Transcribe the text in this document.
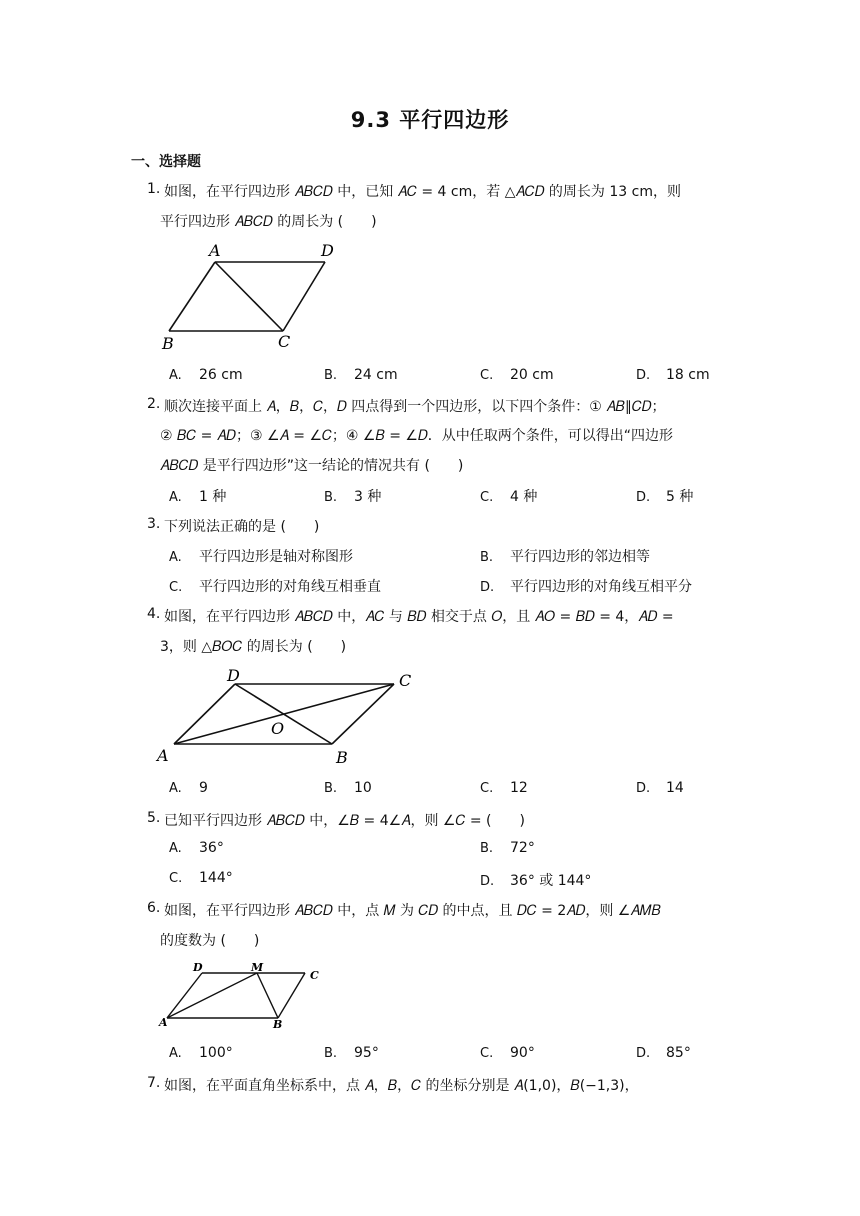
9.3 平行四边形
一、选择题
1. 如图，在平行四边形 𝐴𝐵𝐶𝐷 中，已知 𝐴𝐶 = 4 cm，若 △𝐴𝐶𝐷 的周长为 13 cm，则
平行四边形 𝐴𝐵𝐶𝐷 的周长为 (　　)
A	D
B	C
A. 26 cm	B. 24 cm	C. 20 cm	D. 18 cm
2. 顺次连接平面上 𝐴，𝐵，𝐶，𝐷 四点得到一个四边形，以下四个条件：① 𝐴𝐵∥𝐶𝐷；
② 𝐵𝐶 = 𝐴𝐷；③ ∠𝐴 = ∠𝐶；④ ∠𝐵 = ∠𝐷．从中任取两个条件，可以得出“四边形
𝐴𝐵𝐶𝐷 是平行四边形”这一结论的情况共有 (　　)
A. 1 种	B. 3 种	C. 4 种	D. 5 种
3. 下列说法正确的是 (　　)
A. 平行四边形是轴对称图形	B. 平行四边形的邻边相等
C. 平行四边形的对角线互相垂直	D. 平行四边形的对角线互相平分
4. 如图，在平行四边形 𝐴𝐵𝐶𝐷 中，𝐴𝐶 与 𝐵𝐷 相交于点 𝑂，且 𝐴𝑂 = 𝐵𝐷 = 4，𝐴𝐷 =
3，则 △𝐵𝑂𝐶 的周长为 (　　)
D	C
A	B
O
A. 9	B. 10	C. 12	D. 14
5. 已知平行四边形 𝐴𝐵𝐶𝐷 中，∠𝐵 = 4∠𝐴，则 ∠𝐶 = (　　)
A. 36°	B. 72°
C. 144°	D. 36° 或 144°
6. 如图，在平行四边形 𝐴𝐵𝐶𝐷 中，点 𝑀 为 𝐶𝐷 的中点，且 𝐷𝐶 = 2𝐴𝐷，则 ∠𝐴𝑀𝐵
的度数为 (　　)
D	M
C
A	B
A. 100°	B. 95°	C. 90°	D. 85°
7. 如图，在平面直角坐标系中，点 𝐴，𝐵，𝐶 的坐标分别是 𝐴(1,0)，𝐵(−1,3)，
